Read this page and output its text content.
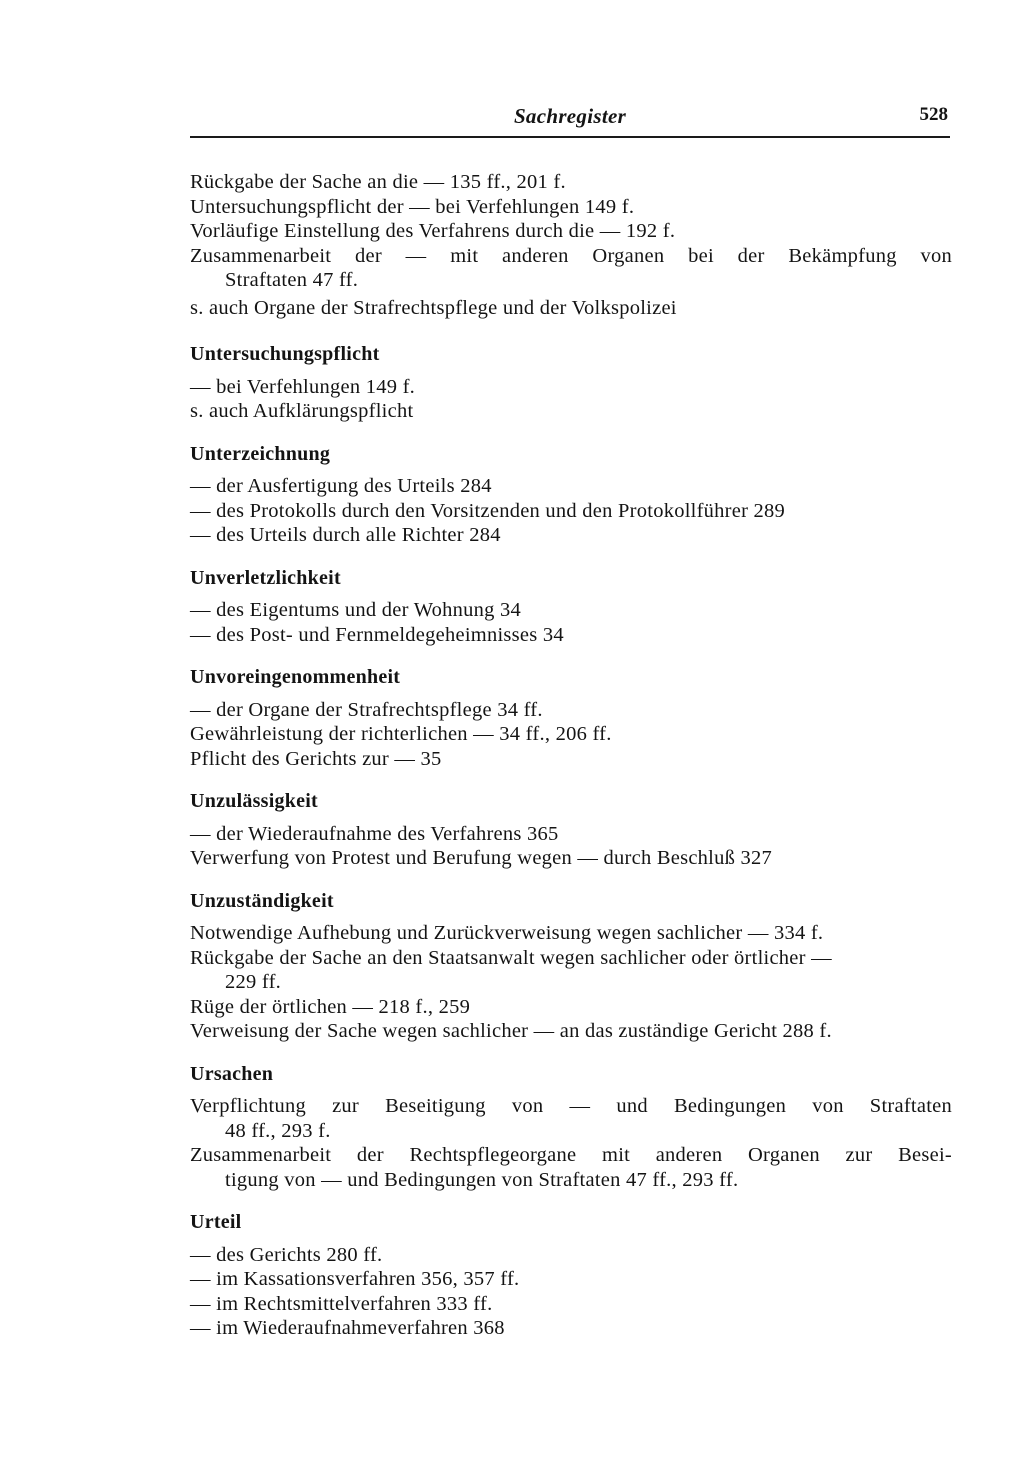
Sachregister	528
Rückgabe der Sache an die — 135 ff., 201 f.
Untersuchungspflicht der — bei Verfehlungen 149 f.
Vorläufige Einstellung des Verfahrens durch die — 192 f.
Zusammenarbeit der — mit anderen Organen bei der Bekämpfung von
Straftaten 47 ff.
s. auch Organe der Strafrechtspflege und der Volkspolizei
Untersuchungspflicht
— bei Verfehlungen 149 f.
s. auch Aufklärungspflicht
Unterzeichnung
— der Ausfertigung des Urteils 284
— des Protokolls durch den Vorsitzenden und den Protokollführer 289
— des Urteils durch alle Richter 284
Unverletzlichkeit
— des Eigentums und der Wohnung 34
— des Post- und Fernmeldegeheimnisses 34
Unvoreingenommenheit
— der Organe der Strafrechtspflege 34 ff.
Gewährleistung der richterlichen — 34 ff., 206 ff.
Pflicht des Gerichts zur — 35
Unzulässigkeit
— der Wiederaufnahme des Verfahrens 365
Verwerfung von Protest und Berufung wegen — durch Beschluß 327
Unzuständigkeit
Notwendige Aufhebung und Zurückverweisung wegen sachlicher — 334 f.
Rückgabe der Sache an den Staatsanwalt wegen sachlicher oder örtlicher —
229 ff.
Rüge der örtlichen — 218 f., 259
Verweisung der Sache wegen sachlicher — an das zuständige Gericht 288 f.
Ursachen
Verpflichtung zur Beseitigung von — und Bedingungen von Straftaten
48 ff., 293 f.
Zusammenarbeit der Rechtspflegeorgane mit anderen Organen zur Besei-
tigung von — und Bedingungen von Straftaten 47 ff., 293 ff.
Urteil
— des Gerichts 280 ff.
— im Kassationsverfahren 356, 357 ff.
— im Rechtsmittelverfahren 333 ff.
— im Wiederaufnahmeverfahren 368
